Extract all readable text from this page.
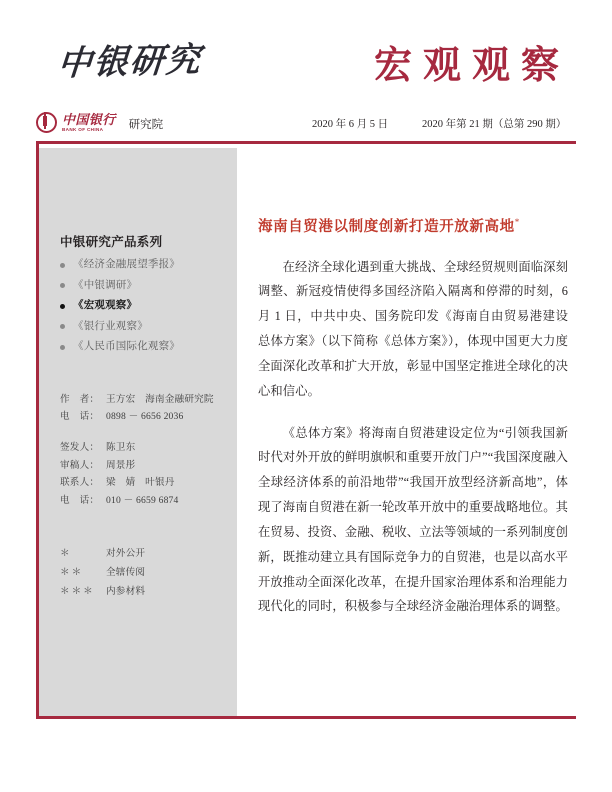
中银研究	宏观观察
中国银行
BANK OF CHINA	研究院	2020 年 6 月 5 日	2020 年第 21 期（总第 290 期）
中银研究产品系列
《经济金融展望季报》
《中银调研》
《宏观观察》
《银行业观察》
《人民币国际化观察》
作　者： 王方宏　海南金融研究院
电　话： 0898 － 6656 2036
签发人： 陈卫东
审稿人： 周景彤
联系人： 梁　婧　叶银丹
电　话： 010 － 6659 6874
＊	对外公开
＊＊	全辖传阅
＊＊＊	内参材料
海南自贸港以制度创新打造开放新高地*

在经济全球化遇到重大挑战、全球经贸规则面临深刻调整、新冠疫情使得多国经济陷入隔离和停滞的时刻，6 月 1 日，中共中央、国务院印发《海南自由贸易港建设总体方案》（以下简称《总体方案》），体现中国更大力度全面深化改革和扩大开放，彰显中国坚定推进全球化的决心和信心。

《总体方案》将海南自贸港建设定位为“引领我国新时代对外开放的鲜明旗帜和重要开放门户”“我国深度融入全球经济体系的前沿地带”“我国开放型经济新高地”，体现了海南自贸港在新一轮改革开放中的重要战略地位。其在贸易、投资、金融、税收、立法等领域的一系列制度创新，既推动建立具有国际竞争力的自贸港，也是以高水平开放推动全面深化改革，在提升国家治理体系和治理能力现代化的同时，积极参与全球经济金融治理体系的调整。
